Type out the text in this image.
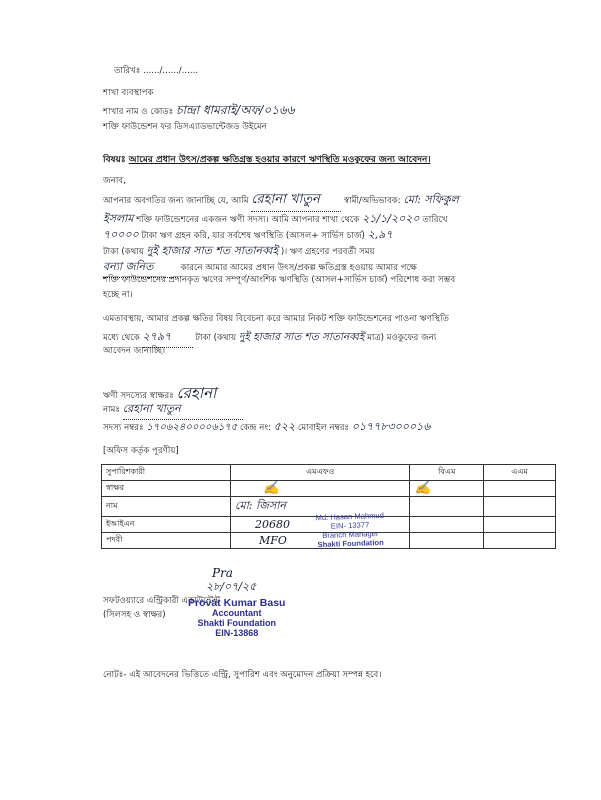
তারিখঃ ....../....../......
শাখা ব্যবস্থাপক
শাখার নাম ও কোডঃ চান্দ্রা ধামরাই/অফ/০১৬৬
শক্তি ফাউন্ডেশন ফর ডিসএ্যাডভান্টেজড উইমেন
বিষয়ঃ আমের প্রধান উৎস/প্রকল্প ক্ষতিগ্রস্ত হওয়ার কারণে ঋণস্থিতি মওকুফের জন্য আবেদন।
জনাব,
আপনার অবগতির জন্য জানাচ্ছি যে, আমি রেহানা খাতুন	স্বামী/অভিভাবক: মো: সফিকুল
ইসলাম শক্তি ফাউন্ডেশনের একজন ঋণী সদস্য। আমি আপনার শাখা থেকে ২১/১/২০২০ তারিখে
৭০০০০ টাকা ঋণ গ্রহন করি, যার সর্বশেষ ঋণস্থিতি (আসল+ সার্ভিস চার্জ) ২,৯৭
টাকা (কথায় দুই হাজার সাত শত সাতানব্বই )। ঋণ গ্রহণের পরবর্তী সময়
বন্যা জনিত	কারনে আমার আমের প্রধান উৎস/প্রকল্প ক্ষতিগ্রস্ত হওয়ায় আমার পক্ষে
শক্তি ফাউন্ডেশনের প্রদানকৃত ঋণের সম্পূর্ণ/আংশিক ঋণস্থিতি (আসল+সার্ভিস চার্জ) পরিশোধ করা সম্ভব
হচ্ছে না।
এমতাবস্থায়, আমার প্রকল্প ক্ষতির বিষয় বিবেচনা করে আমার নিকট শক্তি ফাউন্ডেশনের পাওনা ঋণস্থিতি
মধ্যে থেকে ২৭৯৭	টাকা (কথায় দুই হাজার সাত শত সাতানব্বই মাত্র) মওকুফের জন্য
আবেদন জানাচ্ছি।
ঋণী সদস্যের স্বাক্ষরঃ রেহানা
নামঃ রেহানা খাতুন
সদস্য নম্বরঃ ১৭০৬২৪০০০০৬১৭৫ কেন্দ্র নং: ৫২২ মোবাইল নম্বরঃ ০১৭৭৮৩০০০১৬
[অফিস কর্তৃক পূরণীয়]
সুপারিশকারী	এমএফও	বিএম	এএম
স্বাক্ষর	✍	✍	
নাম	মো: জিসান		
ইআইএন	20680		
পদবী	MFO		
Md. Hasan Mahmud
EIN- 13377
Branch Manager
Shakti Foundation
Pra
২৮/০৭/২৫
সফটওয়্যারে এন্ট্রিকারী একাউন্টেন্ট
(সিলসহ ও স্বাক্ষর)
Provat Kumar Basu
Accountant
Shakti Foundation
EIN-13868
নোটঃ- এই আবেদনের ভিত্তিতে এন্ট্রি, সুপারিশ এবং অনুমোদন প্রক্রিয়া সম্পন্ন হবে।
